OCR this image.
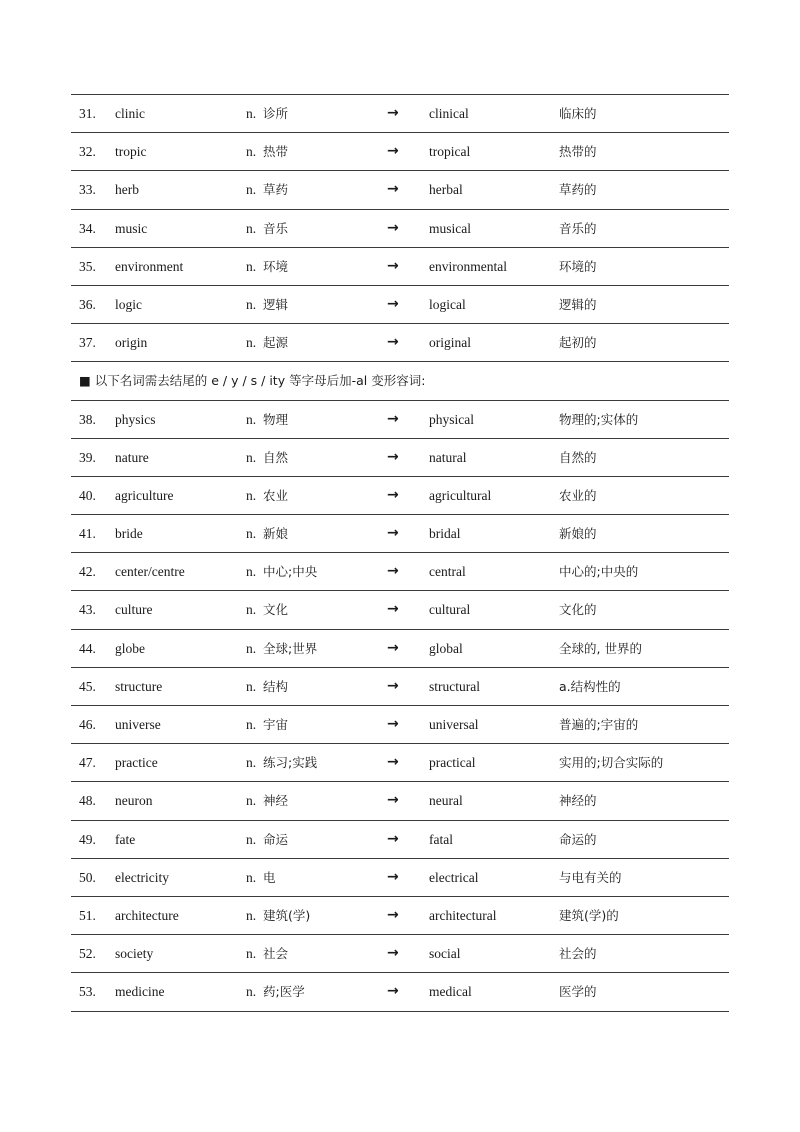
31. clinic	n. 诊所	→ clinical	临床的
32. tropic	n. 热带	→ tropical	热带的
33. herb	n. 草药	→ herbal	草药的
34. music	n. 音乐	→ musical	音乐的
35. environment	n. 环境	→ environmental	环境的
36. logic	n. 逻辑	→ logical	逻辑的
37. origin	n. 起源	→ original	起初的
■ 以下名词需去结尾的 e / y / s / ity 等字母后加-al 变形容词:
38. physics	n. 物理	→ physical	物理的;实体的
39. nature	n. 自然	→ natural	自然的
40. agriculture	n. 农业	→ agricultural	农业的
41. bride	n. 新娘	→ bridal	新娘的
42. center/centre	n. 中心;中央	→ central	中心的;中央的
43. culture	n. 文化	→ cultural	文化的
44. globe	n. 全球;世界	→ global	全球的, 世界的
45. structure	n. 结构	→ structural	a.结构性的
46. universe	n. 宇宙	→ universal	普遍的;宇宙的
47. practice	n. 练习;实践	→ practical	实用的;切合实际的
48. neuron	n. 神经	→ neural	神经的
49. fate	n. 命运	→ fatal	命运的
50. electricity	n. 电	→ electrical	与电有关的
51. architecture	n. 建筑(学)	→ architectural	建筑(学)的
52. society	n. 社会	→ social	社会的
53. medicine	n. 药;医学	→ medical	医学的
